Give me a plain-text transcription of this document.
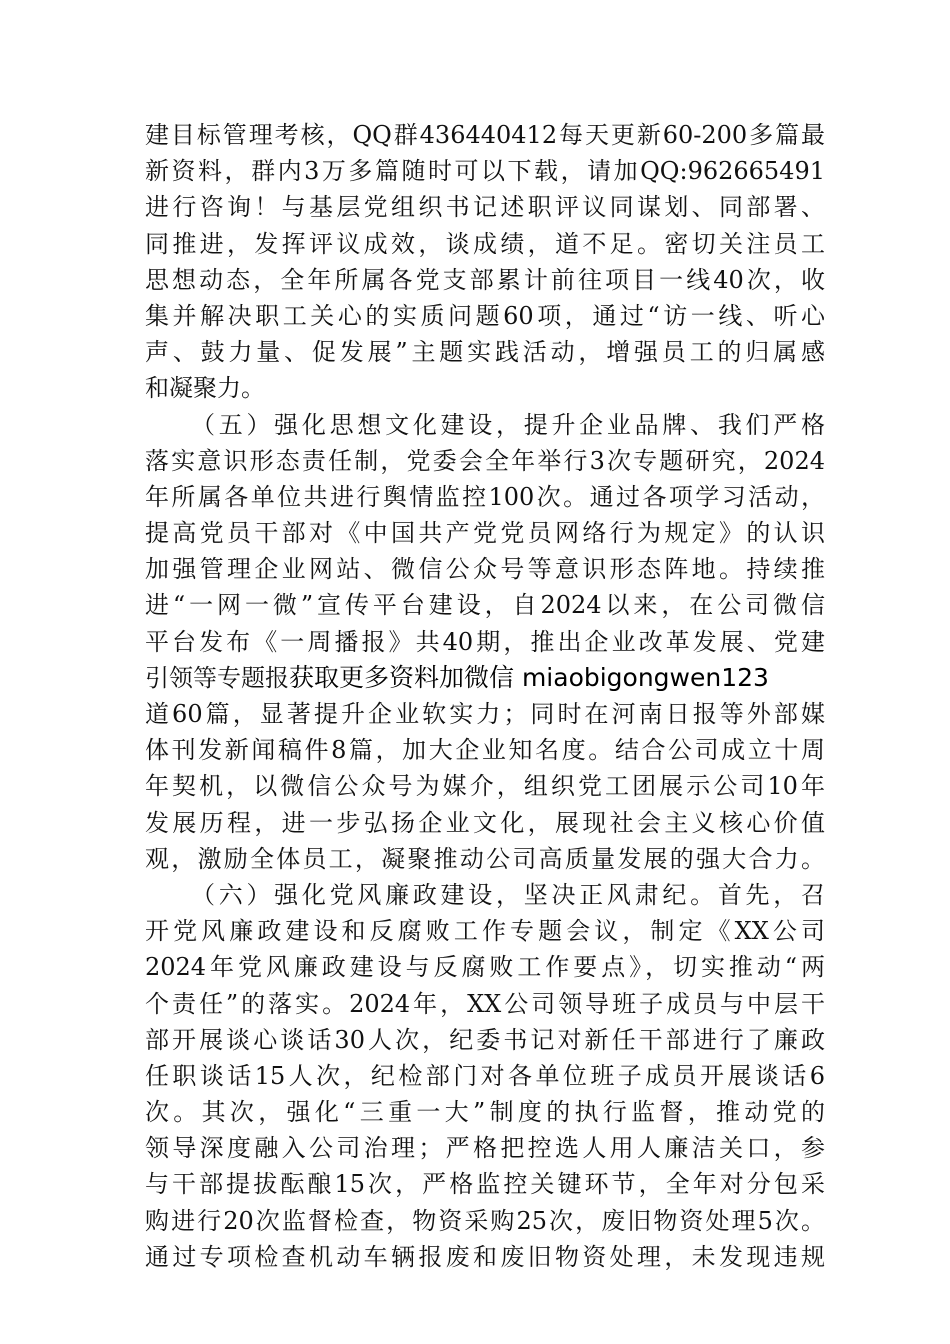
建目标管理考核，QQ群436440412每天更新60-200多篇最
新资料，群内3万多篇随时可以下载，请加QQ:962665491
进行咨询！与基层党组织书记述职评议同谋划、同部署、
同推进，发挥评议成效，谈成绩，道不足。密切关注员工
思想动态，全年所属各党支部累计前往项目一线40次，收
集并解决职工关心的实质问题60项，通过“访一线、听心
声、鼓力量、促发展”主题实践活动，增强员工的归属感
和凝聚力。
（五）强化思想文化建设，提升企业品牌、我们严格
落实意识形态责任制，党委会全年举行3次专题研究，2024
年所属各单位共进行舆情监控100次。通过各项学习活动，
提高党员干部对《中国共产党党员网络行为规定》的认识
加强管理企业网站、微信公众号等意识形态阵地。持续推
进“一网一微”宣传平台建设，自2024以来，在公司微信
平台发布《一周播报》共40期，推出企业改革发展、党建
引领等专题报获取更多资料加微信 miaobigongwen123
道60篇，显著提升企业软实力；同时在河南日报等外部媒
体刊发新闻稿件8篇，加大企业知名度。结合公司成立十周
年契机，以微信公众号为媒介，组织党工团展示公司10年
发展历程，进一步弘扬企业文化，展现社会主义核心价值
观，激励全体员工，凝聚推动公司高质量发展的强大合力。
（六）强化党风廉政建设，坚决正风肃纪。首先，召
开党风廉政建设和反腐败工作专题会议，制定《XX公司
2024年党风廉政建设与反腐败工作要点》，切实推动“两
个责任”的落实。2024年，XX公司领导班子成员与中层干
部开展谈心谈话30人次，纪委书记对新任干部进行了廉政
任职谈话15人次，纪检部门对各单位班子成员开展谈话6
次。其次，强化“三重一大”制度的执行监督，推动党的
领导深度融入公司治理；严格把控选人用人廉洁关口，参
与干部提拔酝酿15次，严格监控关键环节，全年对分包采
购进行20次监督检查，物资采购25次，废旧物资处理5次。
通过专项检查机动车辆报废和废旧物资处理，未发现违规
